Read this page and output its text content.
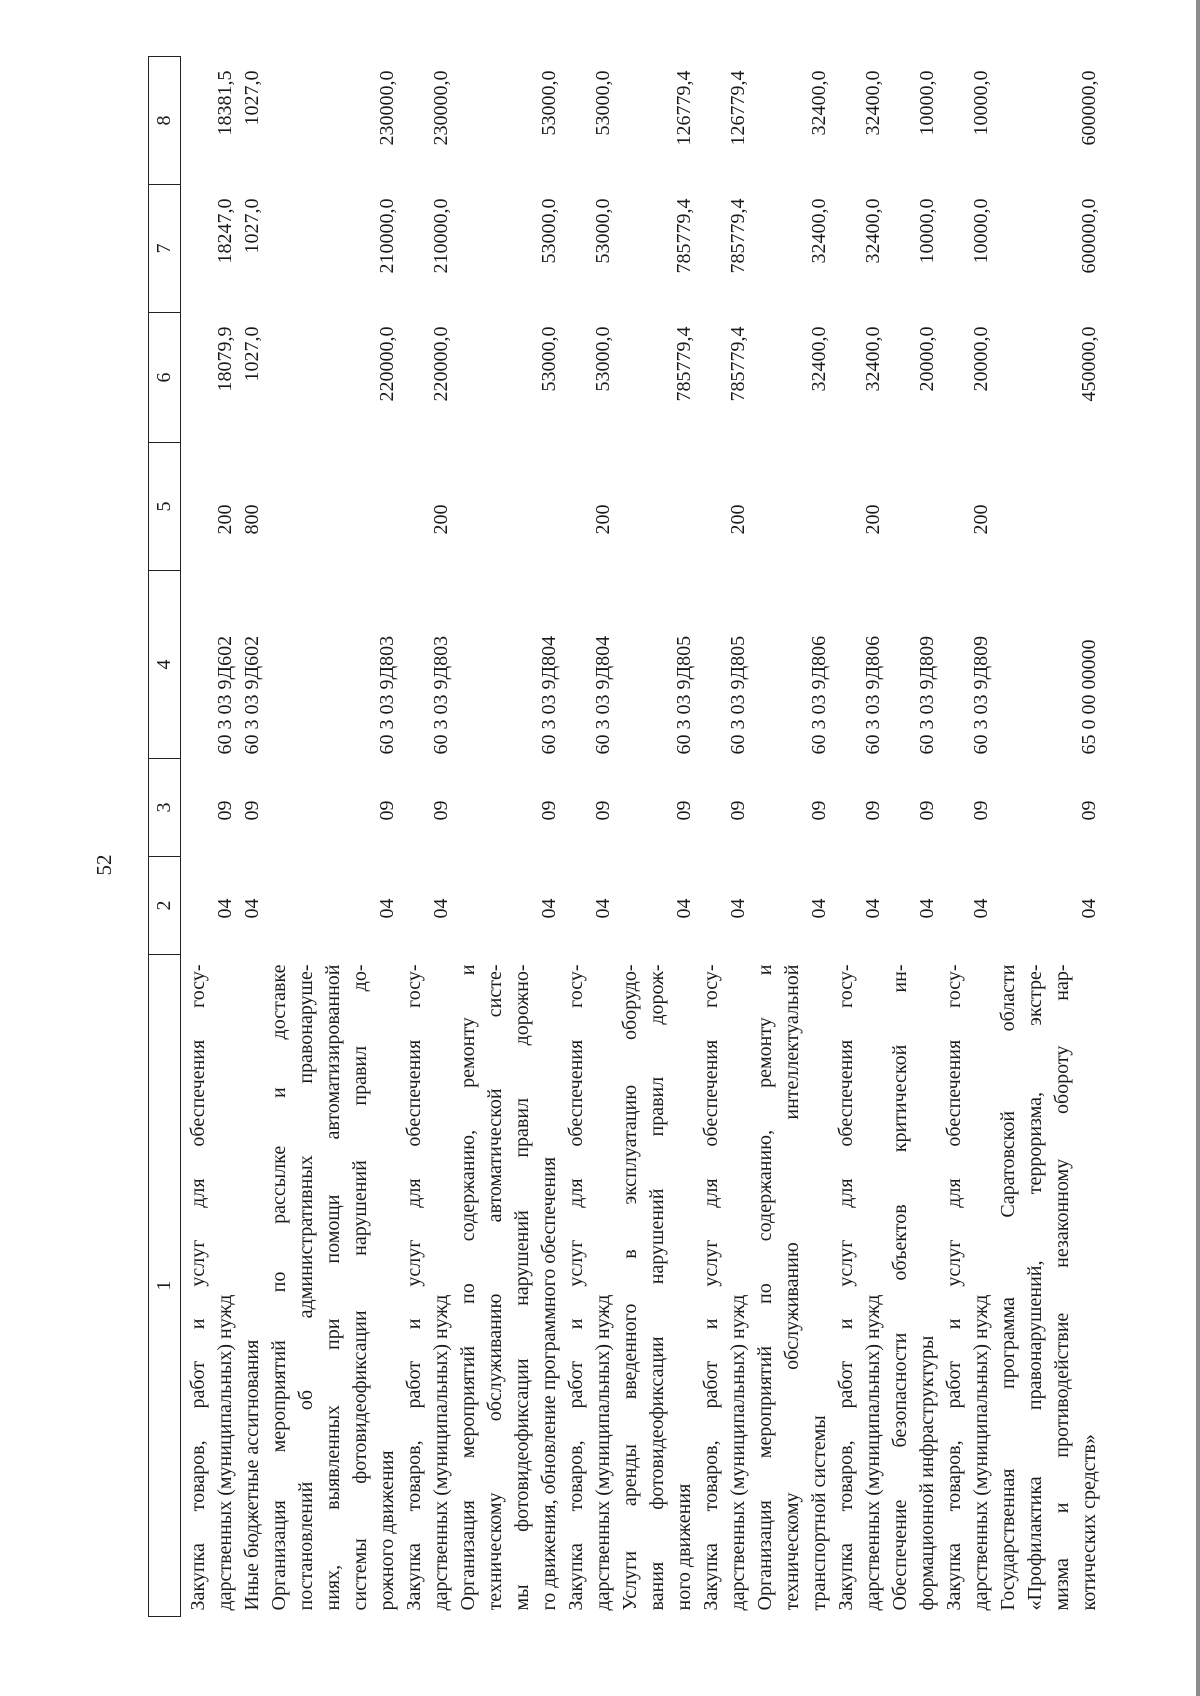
52
1	2	3	4	5	6	7	8

Закупка товаров, работ и услуг для обеспечения госу- дарственных (муниципальных) нужд	04	09	60 3 03 9Д602	200	18079,9	18247,0	18381,5

Иные бюджетные ассигнования	04	09	60 3 03 9Д602	800	1027,0	1027,0	1027,0

Организация мероприятий по рассылке и доставке постановлений об административных правонаруше- ниях, выявленных при помощи автоматизированной системы фотовидеофиксации нарушений правил до- рожного движения	04	09	60 3 03 9Д803		220000,0	210000,0	230000,0

Закупка товаров, работ и услуг для обеспечения госу- дарственных (муниципальных) нужд	04	09	60 3 03 9Д803	200	220000,0	210000,0	230000,0

Организация мероприятий по содержанию, ремонту и техническому обслуживанию автоматической систе- мы фотовидеофиксации нарушений правил дорожно- го движения, обновление программного обеспечения	04	09	60 3 03 9Д804		53000,0	53000,0	53000,0

Закупка товаров, работ и услуг для обеспечения госу- дарственных (муниципальных) нужд	04	09	60 3 03 9Д804	200	53000,0	53000,0	53000,0

Услуги аренды введенного в эксплуатацию оборудо- вания фотовидеофиксации нарушений правил дорож- ного движения	04	09	60 3 03 9Д805		785779,4	785779,4	126779,4

Закупка товаров, работ и услуг для обеспечения госу- дарственных (муниципальных) нужд	04	09	60 3 03 9Д805	200	785779,4	785779,4	126779,4

Организация мероприятий по содержанию, ремонту и техническому обслуживанию интеллектуальной транспортной системы	04	09	60 3 03 9Д806		32400,0	32400,0	32400,0

Закупка товаров, работ и услуг для обеспечения госу- дарственных (муниципальных) нужд	04	09	60 3 03 9Д806	200	32400,0	32400,0	32400,0

Обеспечение безопасности объектов критической ин- формационной инфраструктуры	04	09	60 3 03 9Д809		20000,0	10000,0	10000,0

Закупка товаров, работ и услуг для обеспечения госу- дарственных (муниципальных) нужд	04	09	60 3 03 9Д809	200	20000,0	10000,0	10000,0

Государственная программа Саратовской области «Профилактика правонарушений, терроризма, экстре- мизма и противодействие незаконному обороту нар- котических средств»	04	09	65 0 00 00000		450000,0	600000,0	600000,0
